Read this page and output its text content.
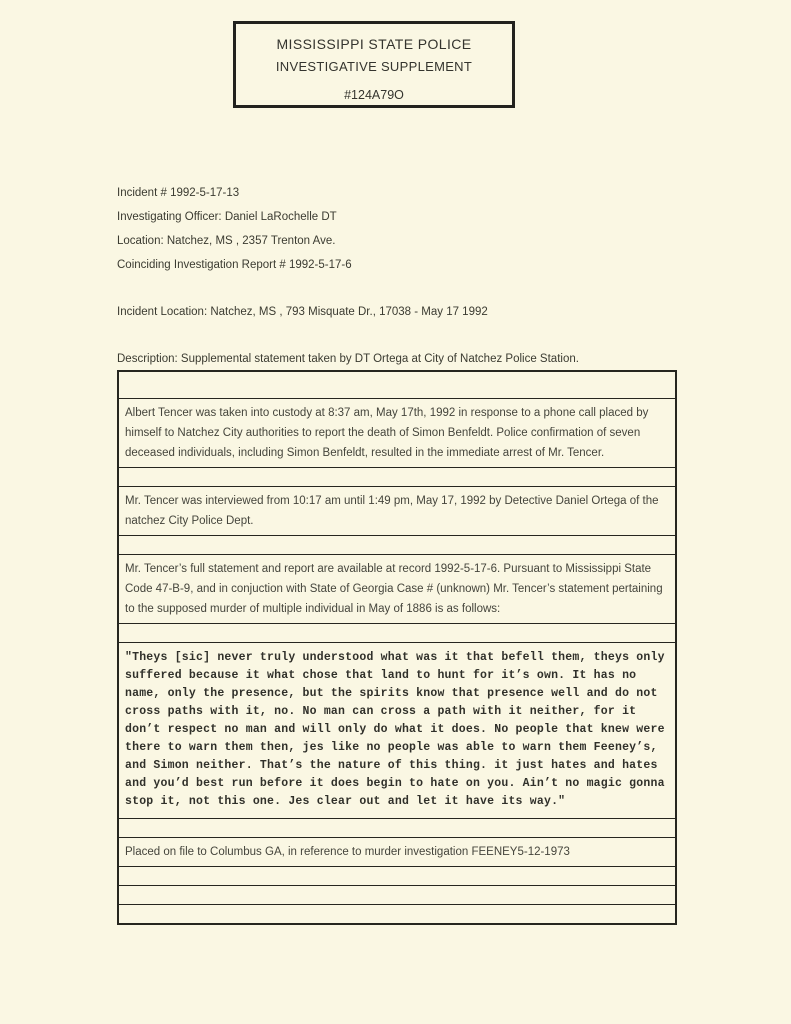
MISSISSIPPI STATE POLICE
INVESTIGATIVE SUPPLEMENT
#124A79O
Incident # 1992-5-17-13
Investigating Officer: Daniel LaRochelle DT
Location: Natchez, MS , 2357 Trenton Ave.
Coinciding Investigation Report # 1992-5-17-6
Incident Location: Natchez, MS , 793 Misquate Dr., 17038 - May 17 1992
Description: Supplemental statement taken by DT Ortega at City of Natchez Police Station.
Albert Tencer was taken into custody at 8:37 am, May 17th, 1992 in response to a phone call placed by himself to Natchez City authorities to report the death of Simon Benfeldt. Police confirmation of seven deceased individuals, including Simon Benfeldt, resulted in the immediate arrest of Mr. Tencer.
Mr. Tencer was interviewed from 10:17 am until 1:49 pm, May 17, 1992 by Detective Daniel Ortega of the natchez City Police Dept.
Mr. Tencer’s full statement and report are available at record 1992-5-17-6. Pursuant to Mississippi State Code 47-B-9, and in conjuction with State of Georgia Case # (unknown) Mr. Tencer’s statement pertaining to the supposed murder of multiple individual in May of 1886 is as follows:
"Theys [sic] never truly understood what was it that befell them, theys only suffered because it what chose that land to hunt for it’s own. It has no name, only the presence, but the spirits know that presence well and do not cross paths with it, no. No man can cross a path with it neither, for it don’t respect no man and will only do what it does. No people that knew were there to warn them then, jes like no people was able to warn them Feeney’s, and Simon neither. That’s the nature of this thing. it just hates and hates and you’d best run before it does begin to hate on you. Ain’t no magic gonna stop it, not this one. Jes clear out and let it have its way."
Placed on file to Columbus GA, in reference to murder investigation FEENEY5-12-1973
